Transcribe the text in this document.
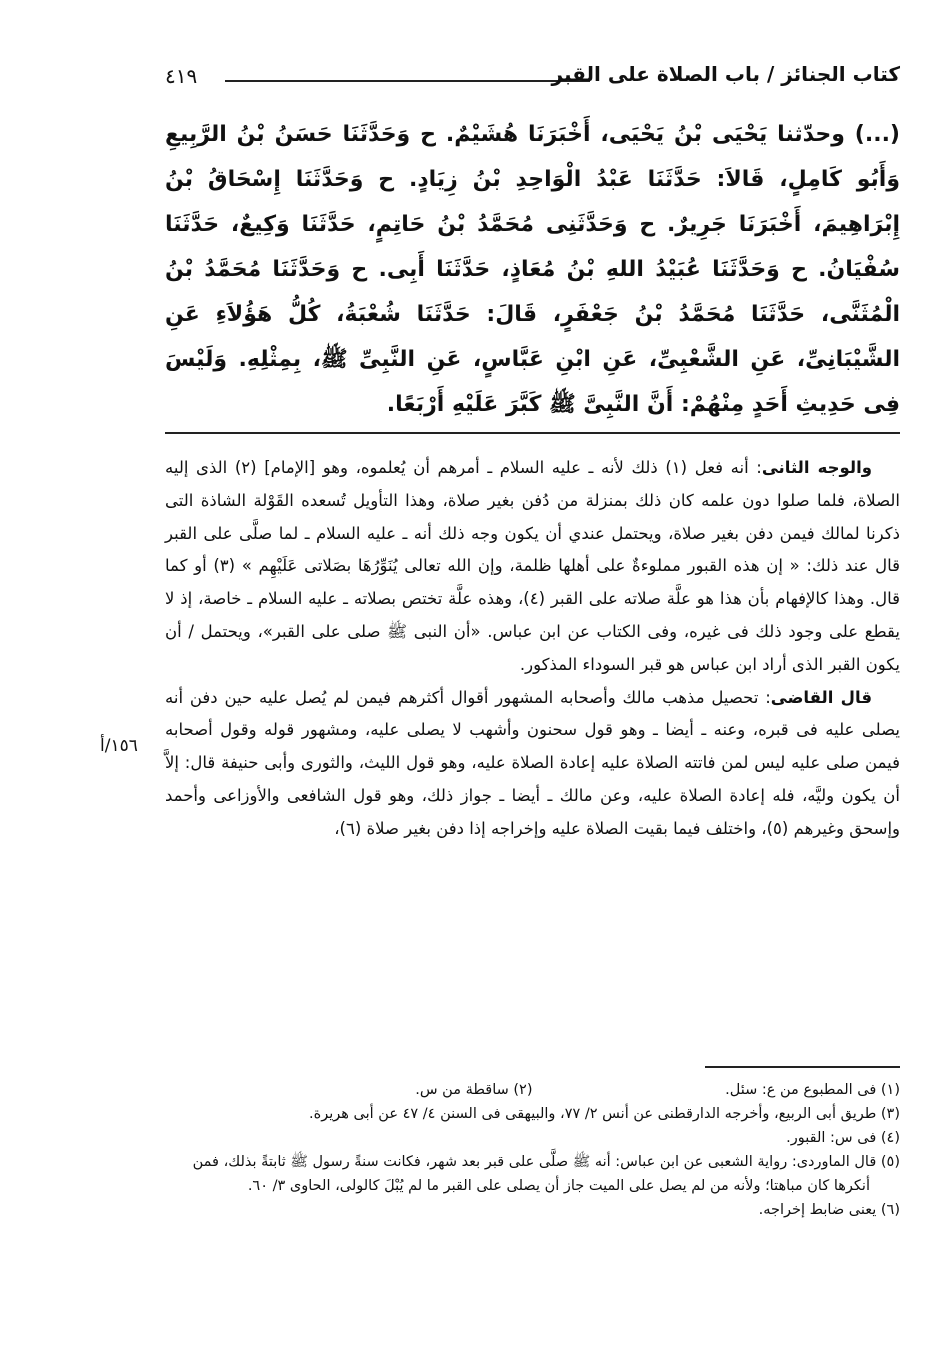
٤١٩	كتاب الجنائز / باب الصلاة على القبر
(...) وحدّثنا يَحْيَى بْنُ يَحْيَى، أَخْبَرَنَا هُشَيْمٌ. ح وَحَدَّثَنَا حَسَنُ بْنُ الرَّبِيعِ وَأَبُو كَامِلٍ، قَالاَ: حَدَّثَنَا عَبْدُ الْوَاحِدِ بْنُ زِيَادٍ. ح وَحَدَّثَنَا إِسْحَاقُ بْنُ إِبْرَاهِيمَ، أَخْبَرَنَا جَرِيرٌ. ح وَحَدَّثَنِى مُحَمَّدُ بْنُ حَاتِمٍ، حَدَّثَنَا وَكِيعٌ، حَدَّثَنَا سُفْيَانُ. ح وَحَدَّثَنَا عُبَيْدُ اللهِ بْنُ مُعَاذٍ، حَدَّثَنَا أَبِى. ح وَحَدَّثَنَا مُحَمَّدُ بْنُ الْمُثَنَّى، حَدَّثَنَا مُحَمَّدُ بْنُ جَعْفَرٍ، قَالَ: حَدَّثَنَا شُعْبَةُ، كُلُّ هَؤُلاَءِ عَنِ الشَّيْبَانِىِّ، عَنِ الشَّعْبِىِّ، عَنِ ابْنِ عَبَّاسٍ، عَنِ النَّبِىِّ ﷺ، بِمِثْلِهِ. وَلَيْسَ فِى حَدِيثِ أَحَدٍ مِنْهُمْ: أَنَّ النَّبِىَّ ﷺ كَبَّرَ عَلَيْهِ أَرْبَعًا.

والوجه الثانى: أنه فعل (١) ذلك لأنه ـ عليه السلام ـ أمرهم أن يُعلموه، وهو [الإمام] (٢) الذى إليه الصلاة، فلما صلوا دون علمه كان ذلك بمنزلة من دُفن بغير صلاة، وهذا التأويل تُسعده القَوْلة الشاذة التى ذكرنا لمالك فيمن دفن بغير صلاة، ويحتمل عندي أن يكون وجه ذلك أنه ـ عليه السلام ـ لما صلَّى على القبر قال عند ذلك: « إن هذه القبور مملوءةٌ على أهلها ظلمة، وإن الله تعالى يُنَوِّرُهَا بصَلاتى عَلَيْهِم » (٣) أو كما قال. وهذا كالإفهام بأن هذا هو علَّة صلاته على القبر (٤)، وهذه علَّة تختص بصلاته ـ عليه السلام ـ خاصة، إذ لا يقطع على وجود ذلك فى غيره، وفى الكتاب عن ابن عباس. «أن النبى ﷺ صلى على القبر»، ويحتمل / أن يكون القبر الذى أراد ابن عباس هو قبر السوداء المذكور.

قال القاضى: تحصيل مذهب مالك وأصحابه المشهور أقوال أكثرهم فيمن لم يُصل عليه حين دفن أنه يصلى عليه فى قبره، وعنه ـ أيضا ـ وهو قول سحنون وأشهب لا يصلى عليه، ومشهور قوله وقول أصحابه فيمن صلى عليه ليس لمن فاتته الصلاة عليه إعادة الصلاة عليه، وهو قول الليث، والثورى وأبى حنيفة قال: إلاَّ أن يكون وليَّه، فله إعادة الصلاة عليه، وعن مالك ـ أيضا ـ جواز ذلك، وهو قول الشافعى والأوزاعى وأحمد وإسحق وغيرهم (٥)، واختلف فيما بقيت الصلاة عليه وإخراجه إذا دفن بغير صلاة (٦)،

١٥٦/أ
(١) فى المطبوع من ع: سئل.
(٢) ساقطة من س.

(٣) طريق أبى الربيع، وأخرجه الدارقطنى عن أنس ٢/ ٧٧، والبيهقى فى السنن ٤/ ٤٧ عن أبى هريرة.

(٤) فى س: القبور.

(٥) قال الماوردى: رواية الشعبى عن ابن عباس: أنه ﷺ صلَّى على قبر بعد شهر، فكانت سنةً رسول ﷺ ثابتةً بذلك، فمن أنكرها كان مباهتا؛ ولأنه من لم يصل على الميت جاز أن يصلى على القبر ما لم يُبْلَ كالولى، الحاوى ٣/ ٦٠.

(٦) يعنى ضابط إخراجه.
